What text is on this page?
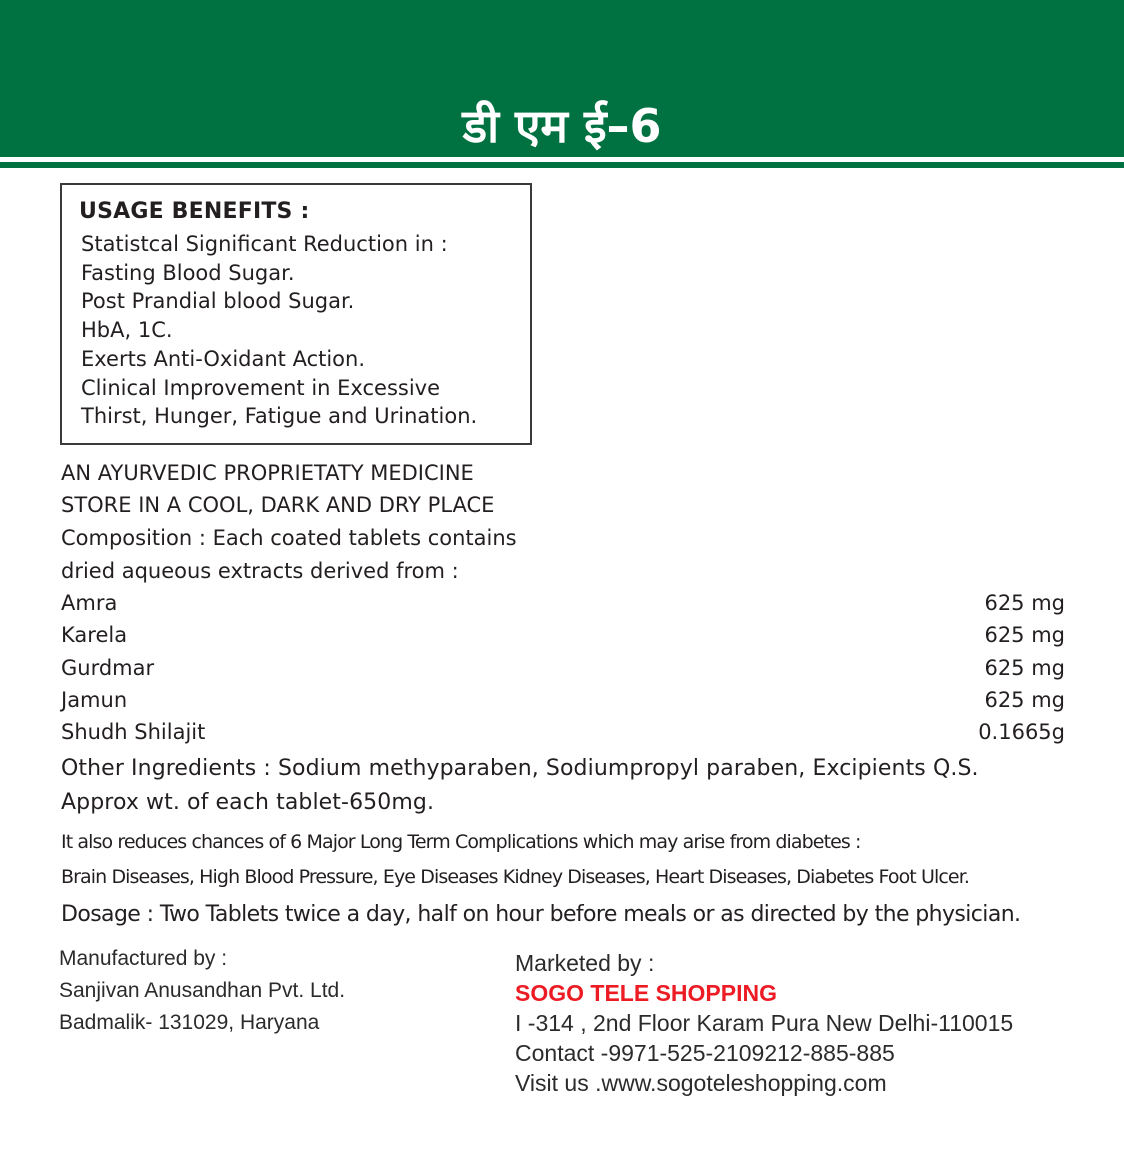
डी एम ई–6
USAGE BENEFITS :
Statistcal Significant Reduction in :
Fasting Blood Sugar.
Post Prandial blood Sugar.
HbA, 1C.
Exerts Anti-Oxidant Action.
Clinical Improvement in Excessive
Thirst, Hunger, Fatigue and Urination.
AN AYURVEDIC PROPRIETATY MEDICINE
STORE IN A COOL, DARK AND DRY PLACE
Composition : Each coated tablets contains
dried aqueous extracts derived from :
Amra	625 mg
Karela	625 mg
Gurdmar	625 mg
Jamun	625 mg
Shudh Shilajit	0.1665g
Other Ingredients : Sodium methyparaben, Sodiumpropyl paraben, Excipients Q.S.
Approx wt. of each tablet-650mg.
It also reduces chances of 6 Major Long Term Complications which may arise from diabetes :
Brain Diseases, High Blood Pressure, Eye Diseases Kidney Diseases, Heart Diseases, Diabetes Foot Ulcer.
Dosage : Two Tablets twice a day, half on hour before meals or as directed by the physician.
Manufactured by :
Sanjivan Anusandhan Pvt. Ltd.
Badmalik- 131029, Haryana
Marketed by :
SOGO TELE SHOPPING
I -314 , 2nd Floor Karam Pura New Delhi-110015
Contact -9971-525-2109212-885-885
Visit us .www.sogoteleshopping.com
